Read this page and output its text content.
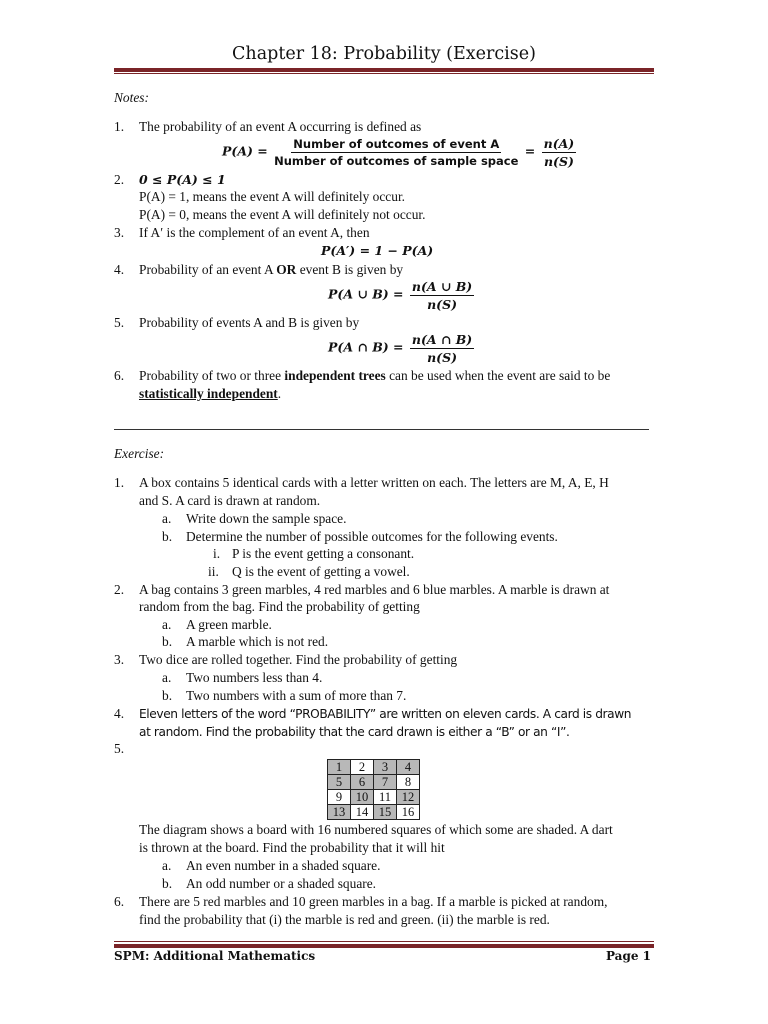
Chapter 18: Probability (Exercise)
Notes:
1. The probability of an event A occurring is defined as
$P(A) = \frac{\text{Number of outcomes of event A}}{\text{Number of outcomes of sample space}} = \frac{n(A)}{n(S)}$
2. 0 ≤ P(A) ≤ 1
P(A) = 1, means the event A will definitely occur.
P(A) = 0, means the event A will definitely not occur.
3. If A′ is the complement of an event A, then
P(A′) = 1 − P(A)
4. Probability of an event A OR event B is given by
P(A ∪ $B) = \frac{n(A \cup B)}{n(S)}$
5. Probability of events A and B is given by
P(A ∩ $B) = \frac{n(A \cap B)}{n(S)}$
6. Probability of two or three independent trees can be used when the event are said to be
statistically independent.
Exercise:
1. A box contains 5 identical cards with a letter written on each. The letters are M, A, E, H
and S. A card is drawn at random.
a. Write down the sample space.
b. Determine the number of possible outcomes for the following events.
i. P is the event getting a consonant.
ii. Q is the event of getting a vowel.
2. A bag contains 3 green marbles, 4 red marbles and 6 blue marbles. A marble is drawn at
random from the bag. Find the probability of getting
a. A green marble.
b. A marble which is not red.
3. Two dice are rolled together. Find the probability of getting
a. Two numbers less than 4.
b. Two numbers with a sum of more than 7.
4. Eleven letters of the word “PROBABILITY” are written on eleven cards. A card is drawn
at random. Find the probability that the card drawn is either a “B” or an “I”.
5.
1	2	3	4
5	6	7	8
9	10	11	12
13	14	15	16
The diagram shows a board with 16 numbered squares of which some are shaded. A dart
is thrown at the board. Find the probability that it will hit
a. An even number in a shaded square.
b. An odd number or a shaded square.
6. There are 5 red marbles and 10 green marbles in a bag. If a marble is picked at random,
find the probability that (i) the marble is red and green. (ii) the marble is red.
SPM: Additional Mathematics	Page 1
